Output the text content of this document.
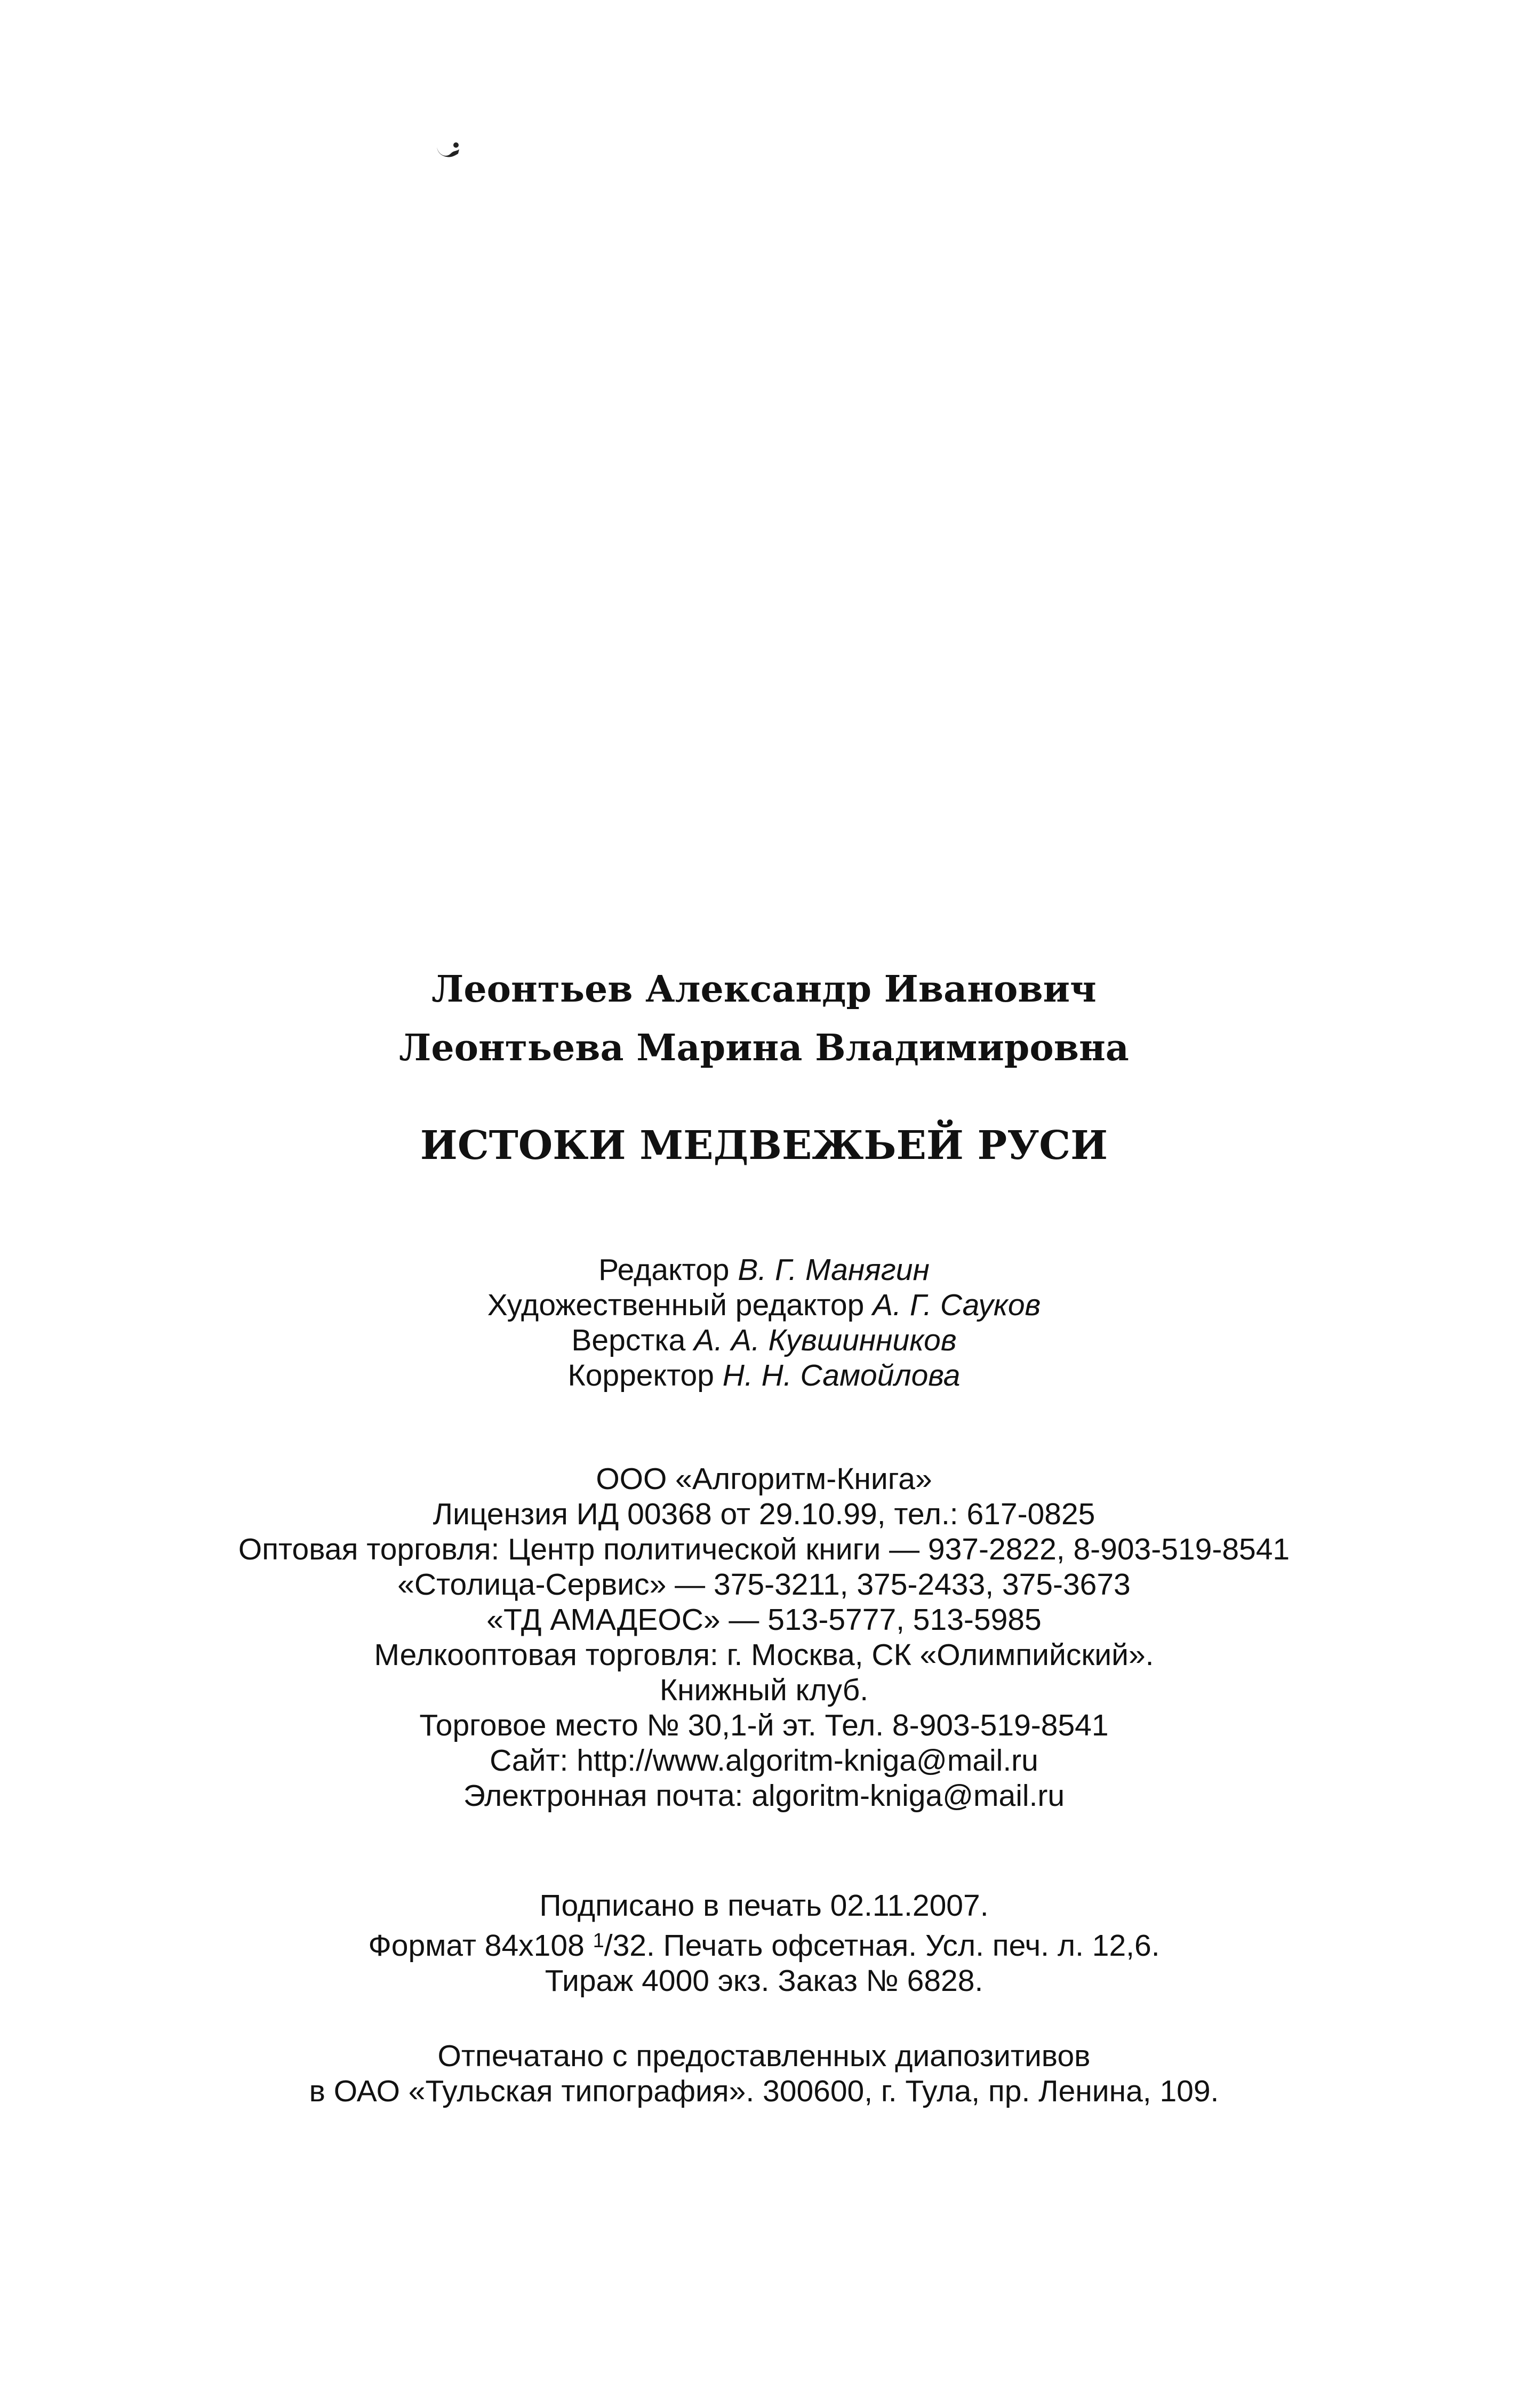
Леонтьев Александр Иванович
Леонтьева Марина Владимировна
ИСТОКИ МЕДВЕЖЬЕЙ РУСИ
Редактор В. Г. Манягин
Художественный редактор А. Г. Сауков
Верстка А. А. Кувшинников
Корректор Н. Н. Самойлова
ООО «Алгоритм-Книга»
Лицензия ИД 00368 от 29.10.99, тел.: 617-0825
Оптовая торговля: Центр политической книги — 937-2822, 8-903-519-8541
«Столица-Сервис» — 375-3211, 375-2433, 375-3673
«ТД АМАДЕОС» — 513-5777, 513-5985
Мелкооптовая торговля: г. Москва, СК «Олимпийский».
Книжный клуб.
Торговое место № 30,1-й эт. Тел. 8-903-519-8541
Сайт: http://www.algoritm-kniga@mail.ru
Электронная почта: algoritm-kniga@mail.ru
Подписано в печать 02.11.2007.
Формат 84x108 $^1$/32. Печать офсетная. Усл. печ. л. 12,6.
Тираж 4000 экз. Заказ № 6828.
Отпечатано с предоставленных диапозитивов
в ОАО «Тульская типография». 300600, г. Тула, пр. Ленина, 109.
